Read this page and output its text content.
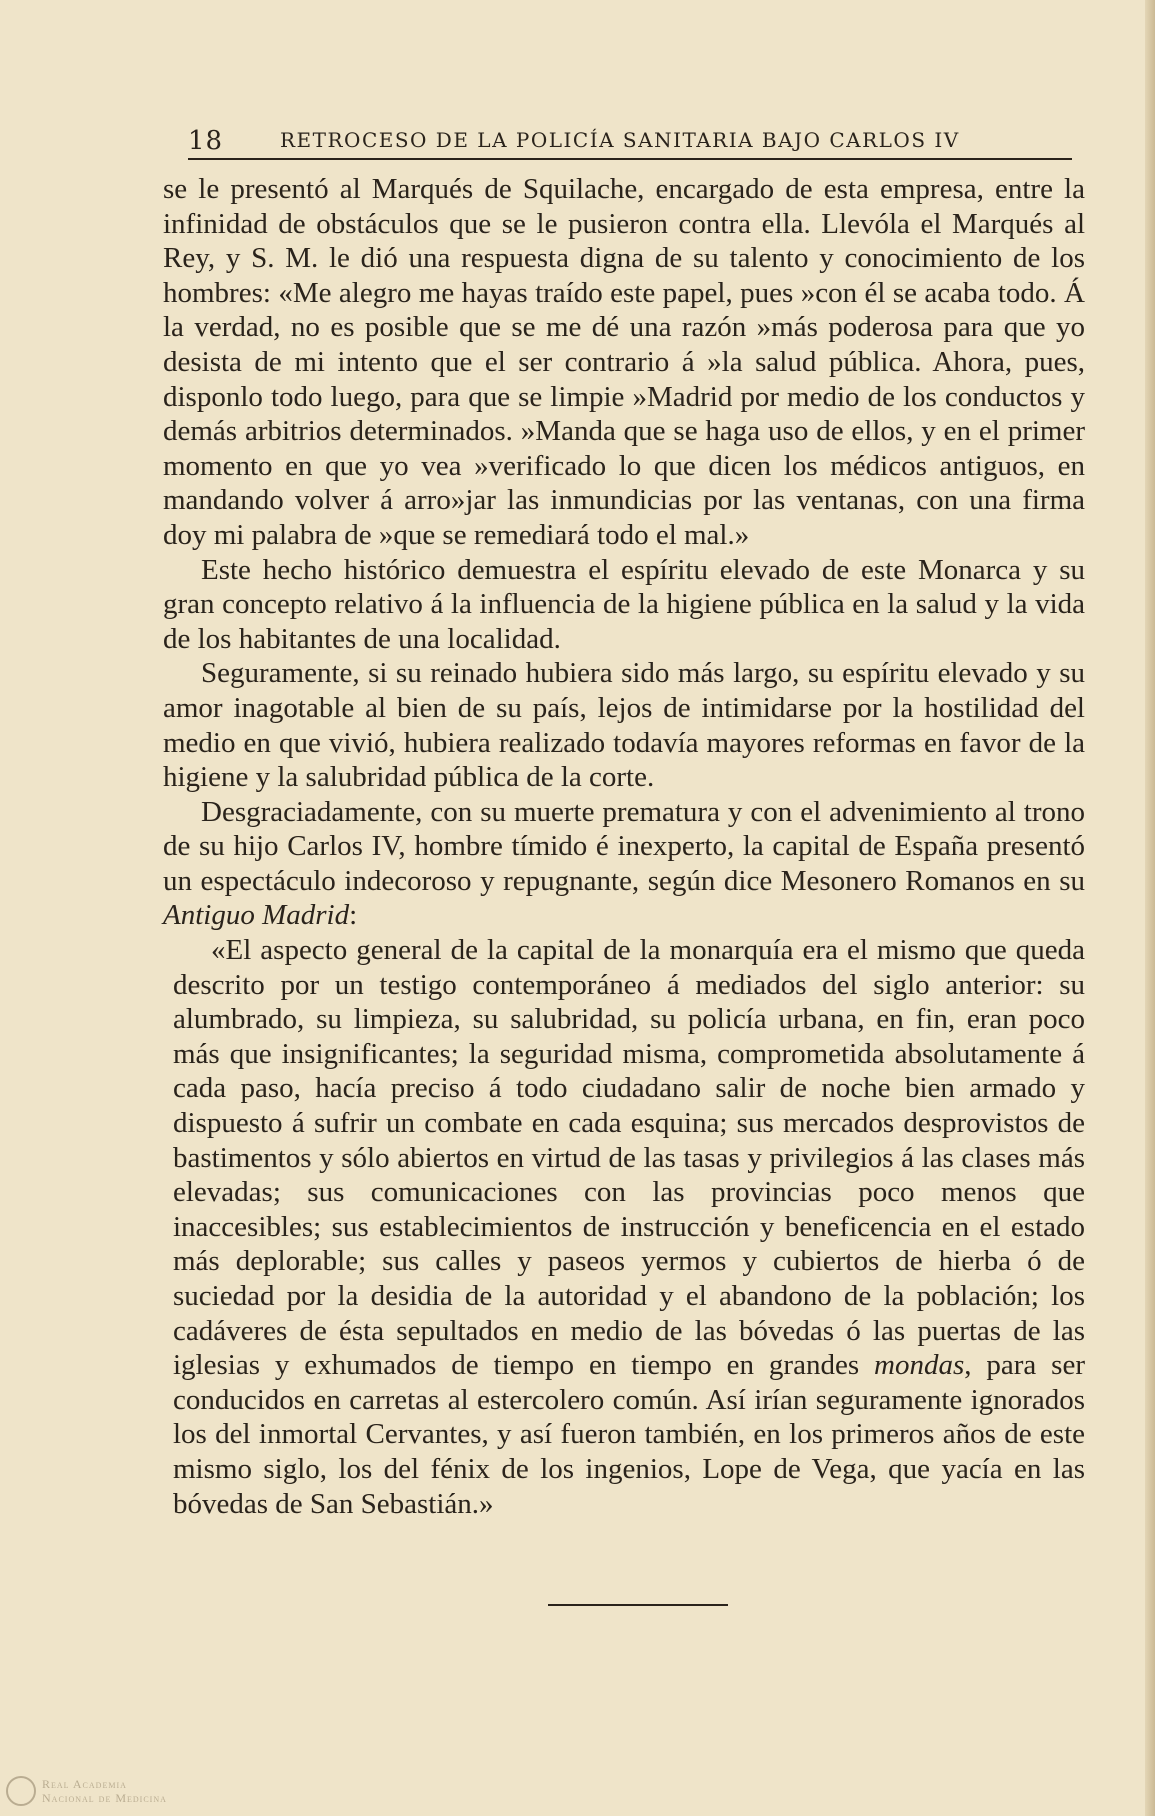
18	RETROCESO DE LA POLICÍA SANITARIA BAJO CARLOS IV

se le presentó al Marqués de Squilache, encargado de esta empresa, entre la infinidad de obstáculos que se le pusieron contra ella. Llevóla el Marqués al Rey, y S. M. le dió una respuesta digna de su talento y conocimiento de los hombres: «Me alegro me hayas traído este papel, pues »con él se acaba todo. Á la verdad, no es posible que se me dé una razón »más poderosa para que yo desista de mi intento que el ser contrario á »la salud pública. Ahora, pues, disponlo todo luego, para que se limpie »Madrid por medio de los conductos y demás arbitrios determinados. »Manda que se haga uso de ellos, y en el primer momento en que yo vea »verificado lo que dicen los médicos antiguos, en mandando volver á arro»jar las inmundicias por las ventanas, con una firma doy mi palabra de »que se remediará todo el mal.»

Este hecho histórico demuestra el espíritu elevado de este Monarca y su gran concepto relativo á la influencia de la higiene pública en la salud y la vida de los habitantes de una localidad.

Seguramente, si su reinado hubiera sido más largo, su espíritu elevado y su amor inagotable al bien de su país, lejos de intimidarse por la hostilidad del medio en que vivió, hubiera realizado todavía mayores reformas en favor de la higiene y la salubridad pública de la corte.

Desgraciadamente, con su muerte prematura y con el advenimiento al trono de su hijo Carlos IV, hombre tímido é inexperto, la capital de España presentó un espectáculo indecoroso y repugnante, según dice Mesonero Romanos en su Antiguo Madrid:

«El aspecto general de la capital de la monarquía era el mismo que queda descrito por un testigo contemporáneo á mediados del siglo anterior: su alumbrado, su limpieza, su salubridad, su policía urbana, en fin, eran poco más que insignificantes; la seguridad misma, comprometida absolutamente á cada paso, hacía preciso á todo ciudadano salir de noche bien armado y dispuesto á sufrir un combate en cada esquina; sus mercados desprovistos de bastimentos y sólo abiertos en virtud de las tasas y privilegios á las clases más elevadas; sus comunicaciones con las provincias poco menos que inaccesibles; sus establecimientos de instrucción y beneficencia en el estado más deplorable; sus calles y paseos yermos y cubiertos de hierba ó de suciedad por la desidia de la autoridad y el abandono de la población; los cadáveres de ésta sepultados en medio de las bóvedas ó las puertas de las iglesias y exhumados de tiempo en tiempo en grandes mondas, para ser conducidos en carretas al estercolero común. Así irían seguramente ignorados los del inmortal Cervantes, y así fueron también, en los primeros años de este mismo siglo, los del fénix de los ingenios, Lope de Vega, que yacía en las bóvedas de San Sebastián.»

Real Academia
Nacional de Medicina
